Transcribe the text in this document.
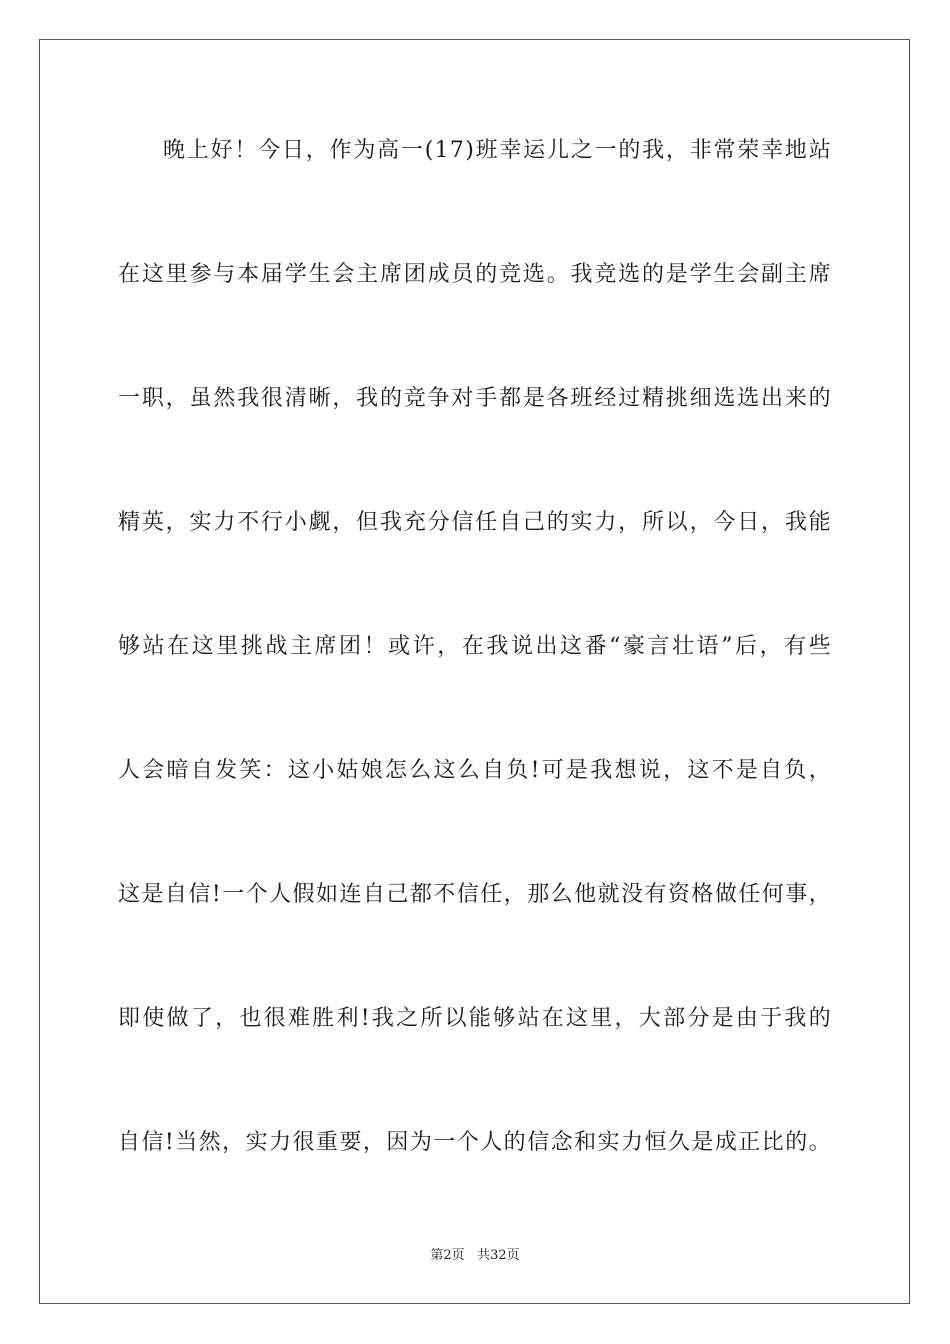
晚上好！今日，作为高一(17)班幸运儿之一的我，非常荣幸地站
在这里参与本届学生会主席团成员的竞选。我竞选的是学生会副主席
一职，虽然我很清晰，我的竞争对手都是各班经过精挑细选选出来的
精英，实力不行小觑，但我充分信任自己的实力，所以，今日，我能
够站在这里挑战主席团！或许，在我说出这番“豪言壮语”后，有些
人会暗自发笑：这小姑娘怎么这么自负!可是我想说，这不是自负，
这是自信!一个人假如连自己都不信任，那么他就没有资格做任何事，
即使做了，也很难胜利!我之所以能够站在这里，大部分是由于我的
自信!当然，实力很重要，因为一个人的信念和实力恒久是成正比的。
第2页 共32页
